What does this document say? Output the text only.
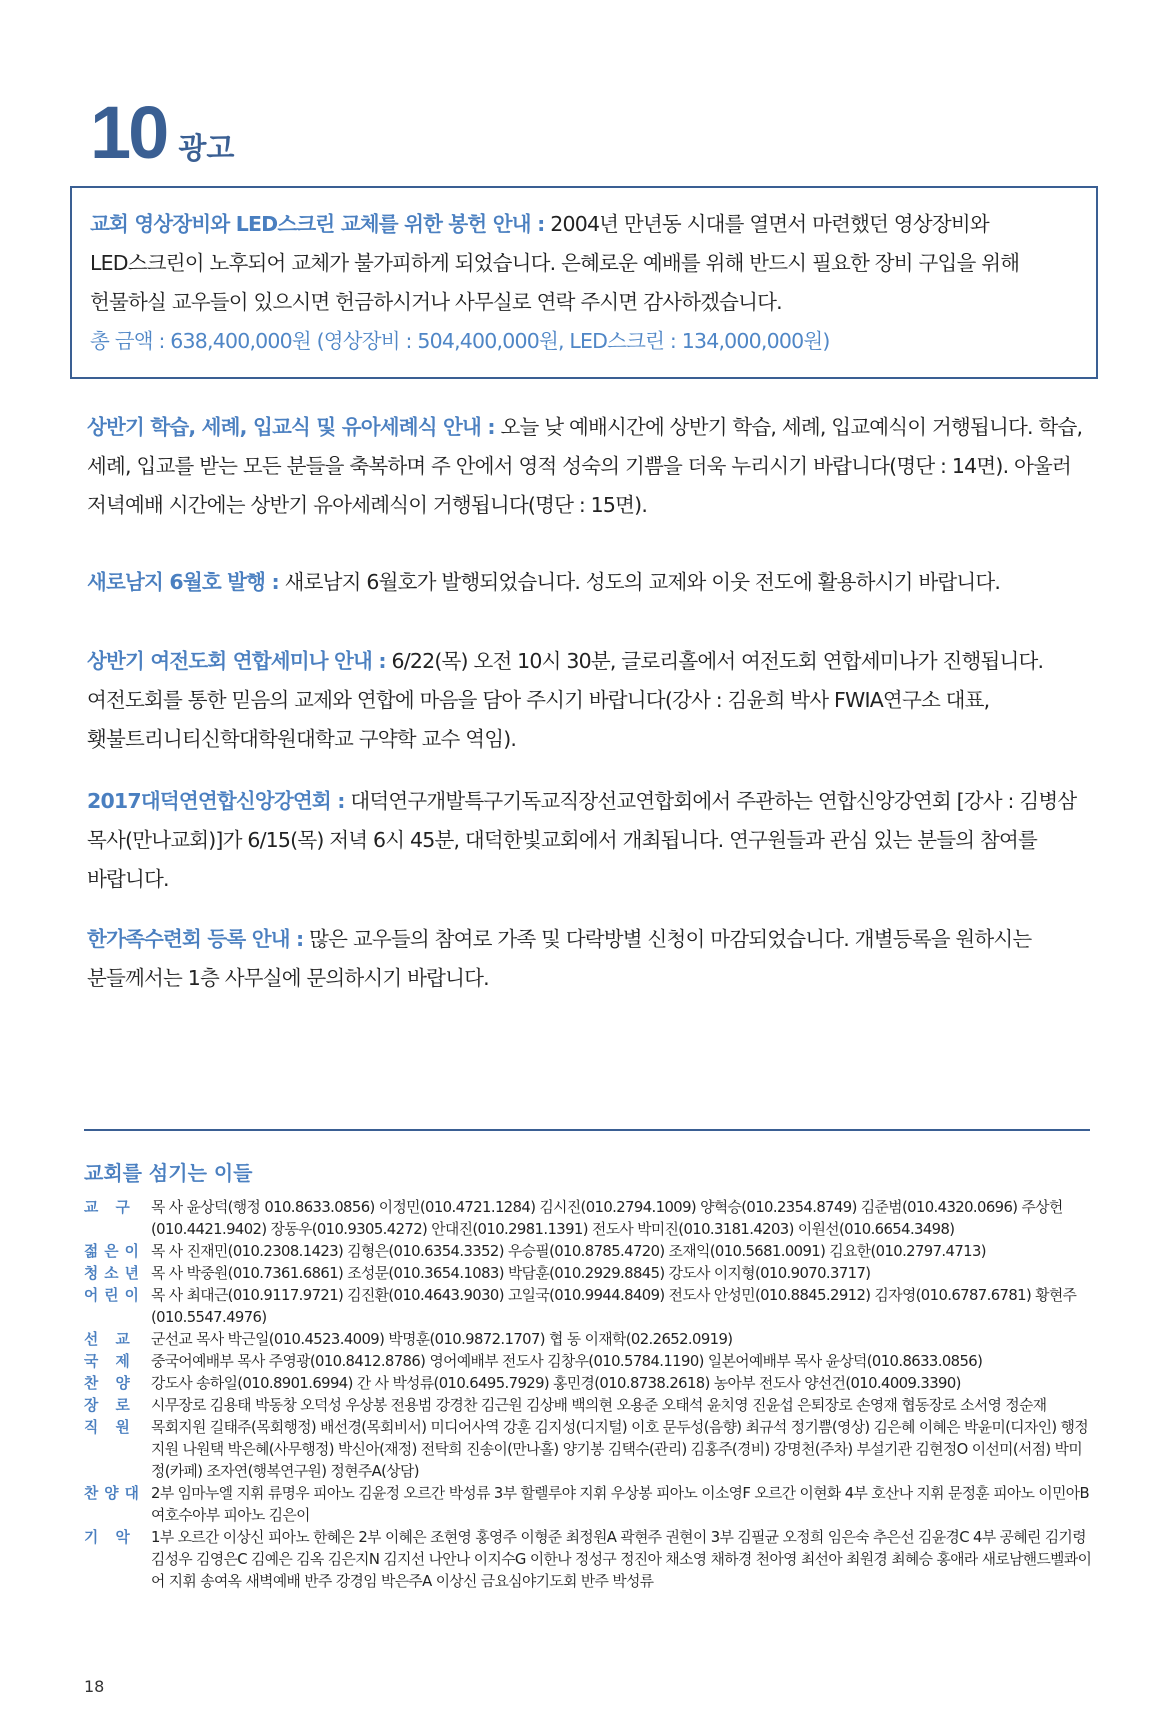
10 광고

교회 영상장비와 LED스크린 교체를 위한 봉헌 안내 : 2004년 만년동 시대를 열면서 마련했던 영상장비와 LED스크린이 노후되어 교체가 불가피하게 되었습니다. 은혜로운 예배를 위해 반드시 필요한 장비 구입을 위해 헌물하실 교우들이 있으시면 헌금하시거나 사무실로 연락 주시면 감사하겠습니다.

총 금액 : 638,400,000원 (영상장비 : 504,400,000원, LED스크린 : 134,000,000원)

상반기 학습, 세례, 입교식 및 유아세례식 안내 : 오늘 낮 예배시간에 상반기 학습, 세례, 입교예식이 거행됩니다. 학습, 세례, 입교를 받는 모든 분들을 축복하며 주 안에서 영적 성숙의 기쁨을 더욱 누리시기 바랍니다(명단 : 14면). 아울러 저녁예배 시간에는 상반기 유아세례식이 거행됩니다(명단 : 15면).

새로남지 6월호 발행 : 새로남지 6월호가 발행되었습니다. 성도의 교제와 이웃 전도에 활용하시기 바랍니다.

상반기 여전도회 연합세미나 안내 : 6/22(목) 오전 10시 30분, 글로리홀에서 여전도회 연합세미나가 진행됩니다. 여전도회를 통한 믿음의 교제와 연합에 마음을 담아 주시기 바랍니다(강사 : 김윤희 박사 FWIA연구소 대표, 횃불트리니티신학대학원대학교 구약학 교수 역임).

2017대덕연연합신앙강연회 : 대덕연구개발특구기독교직장선교연합회에서 주관하는 연합신앙강연회 [강사 : 김병삼 목사(만나교회)]가 6/15(목) 저녁 6시 45분, 대덕한빛교회에서 개최됩니다. 연구원들과 관심 있는 분들의 참여를 바랍니다.

한가족수련회 등록 안내 : 많은 교우들의 참여로 가족 및 다락방별 신청이 마감되었습니다. 개별등록을 원하시는 분들께서는 1층 사무실에 문의하시기 바랍니다.

교회를 섬기는 이들
교 구	목 사 윤상덕(행정 010.8633.0856) 이정민(010.4721.1284) 김시진(010.2794.1009) 양혁승(010.2354.8749) 김준범(010.4320.0696) 주상헌(010.4421.9402) 장동우(010.9305.4272) 안대진(010.2981.1391) 전도사 박미진(010.3181.4203) 이원선(010.6654.3498)
젊은이 목 사 진재민(010.2308.1423) 김형은(010.6354.3352) 우승필(010.8785.4720) 조재익(010.5681.0091) 김요한(010.2797.4713)
청소년 목 사 박중원(010.7361.6861) 조성문(010.3654.1083) 박담훈(010.2929.8845) 강도사 이지형(010.9070.3717)
어린이 목 사 최대근(010.9117.9721) 김진환(010.4643.9030) 고일국(010.9944.8409) 전도사 안성민(010.8845.2912) 김자영(010.6787.6781) 황현주(010.5547.4976)
선 교	군선교 목사 박근일(010.4523.4009) 박명훈(010.9872.1707) 협 동 이재학(02.2652.0919)
국 제	중국어예배부 목사 주영광(010.8412.8786) 영어예배부 전도사 김창우(010.5784.1190) 일본어예배부 목사 윤상덕(010.8633.0856)
찬 양	강도사 송하일(010.8901.6994) 간 사 박성류(010.6495.7929) 홍민경(010.8738.2618) 농아부 전도사 양선건(010.4009.3390)
장 로	시무장로 김용태 박동창 오덕성 우상봉 전용범 강경찬 김근원 김상배 백의현 오용준 오태석 윤치영 진윤섭 은퇴장로 손영재 협동장로 소서영 정순재
직 원	목회지원 길태주(목회행정) 배선경(목회비서) 미디어사역 강훈 김지성(디지털) 이호 문두성(음향) 최규석 정기쁨(영상) 김은혜 이혜은 박윤미(디자인) 행정지원 나원택 박은혜(사무행정) 박신아(재정) 전탁희 진송이(만나홀) 양기봉 김택수(관리) 김홍주(경비) 강명천(주차) 부설기관 김현정O 이선미(서점) 박미정(카페) 조자연(행복연구원) 정현주A(상담)
찬양대 2부 임마누엘 지휘 류명우 피아노 김윤정 오르간 박성류 3부 할렐루야 지휘 우상봉 피아노 이소영F 오르간 이현화 4부 호산나 지휘 문정훈 피아노 이민아B 여호수아부 피아노 김은이
기 악	1부 오르간 이상신 피아노 한혜은 2부 이혜은 조현영 홍영주 이형준 최정원A 곽현주 권현이 3부 김필균 오정희 임은숙 추은선 김윤경C 4부 공혜린 김기령 김성우 김영은C 김예은 김옥 김은지N 김지선 나안나 이지수G 이한나 정성구 정진아 채소영 채하경 천아영 최선아 최원경 최혜승 홍애라 새로남핸드벨콰이어 지휘 송여옥 새벽예배 반주 강경임 박은주A 이상신 금요심야기도회 반주 박성류
18
